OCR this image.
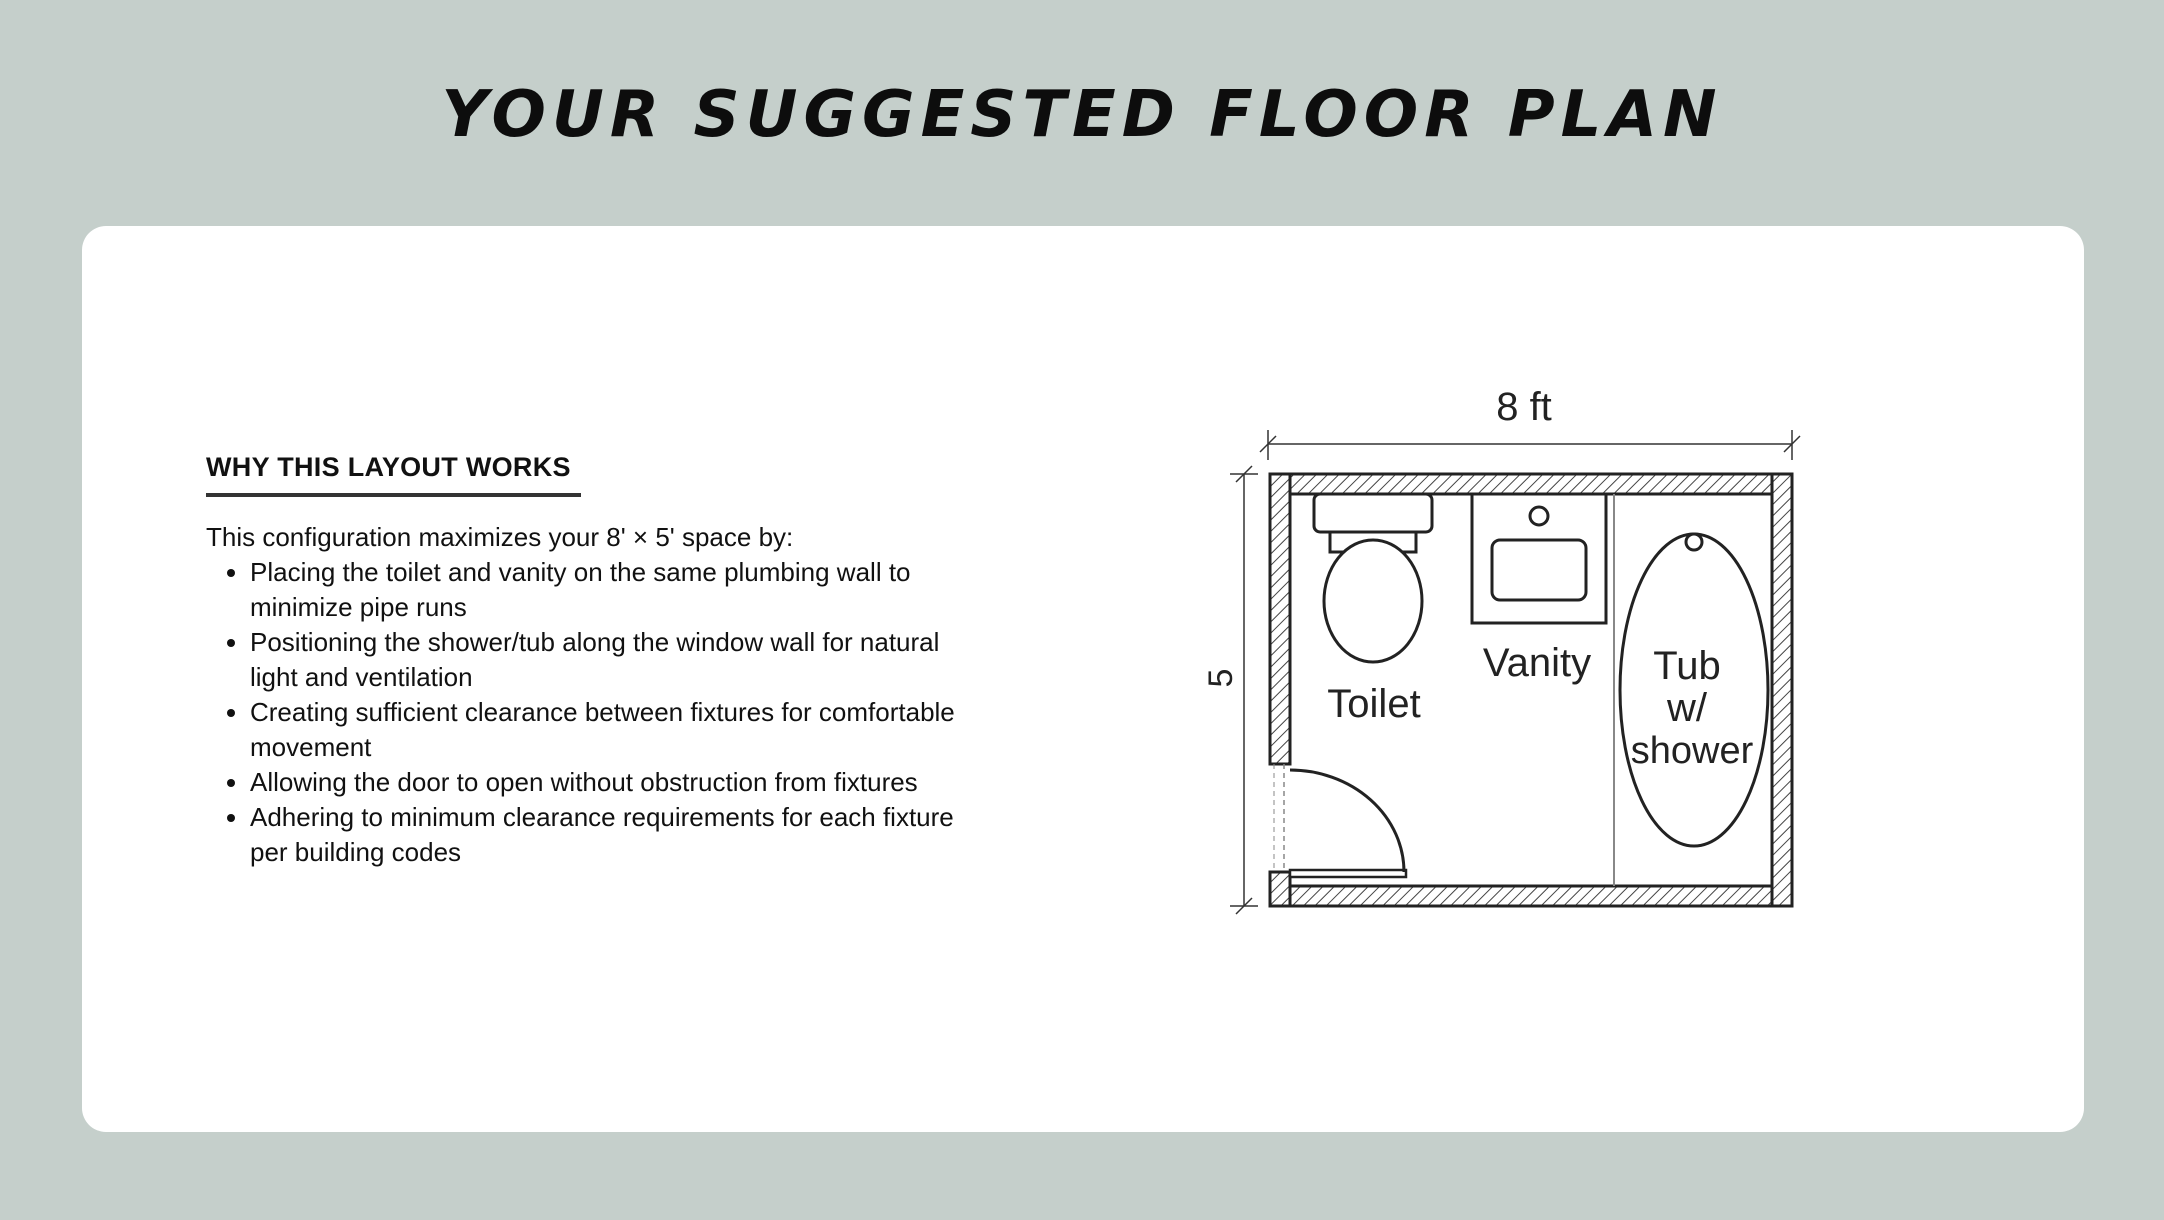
YOUR SUGGESTED FLOOR PLAN
WHY THIS LAYOUT WORKS

This configuration maximizes your 8' × 5' space by:

• Placing the toilet and vanity on the same plumbing wall to minimize pipe runs
• Positioning the shower/tub along the window wall for natural light and ventilation
• Creating sufficient clearance between fixtures for comfortable movement
• Allowing the door to open without obstruction from fixtures
• Adhering to minimum clearance requirements for each fixture per building codes
8 ft
5
Toilet
Vanity Tub
w/
shower
